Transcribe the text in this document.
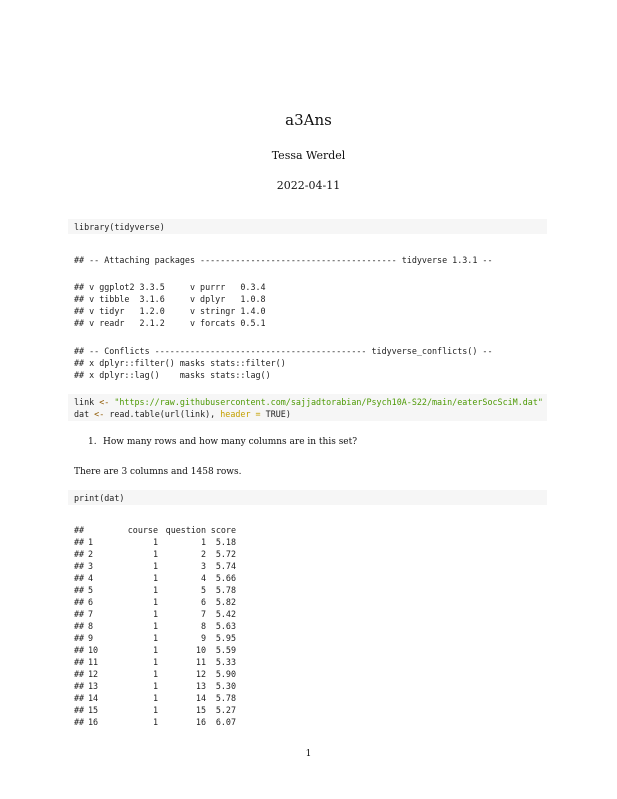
a3Ans
Tessa Werdel
2022-04-11
library(tidyverse)
## -- Attaching packages --------------------------------------- tidyverse 1.3.1 --
## v ggplot2 3.3.5     v purrr   0.3.4
## v tibble  3.1.6     v dplyr   1.0.8
## v tidyr   1.2.0     v stringr 1.4.0
## v readr   2.1.2     v forcats 0.5.1
## -- Conflicts ------------------------------------------ tidyverse_conflicts() --
## x dplyr::filter() masks stats::filter()
## x dplyr::lag()    masks stats::lag()
link <- "https://raw.githubusercontent.com/sajjadtorabian/Psych10A-S22/main/eaterSocSciM.dat"
dat <- read.table(url(link), header = TRUE)
1. How many rows and how many columns are in this set?
There are 3 columns and 1458 rows.
print(dat)
##		course	question	score
##	1	1	1	5.18
##	2	1	2	5.72
##	3	1	3	5.74
##	4	1	4	5.66
##	5	1	5	5.78
##	6	1	6	5.82
##	7	1	7	5.42
##	8	1	8	5.63
##	9	1	9	5.95
##	10	1	10	5.59
##	11	1	11	5.33
##	12	1	12	5.90
##	13	1	13	5.30
##	14	1	14	5.78
##	15	1	15	5.27
##	16	1	16	6.07
1
